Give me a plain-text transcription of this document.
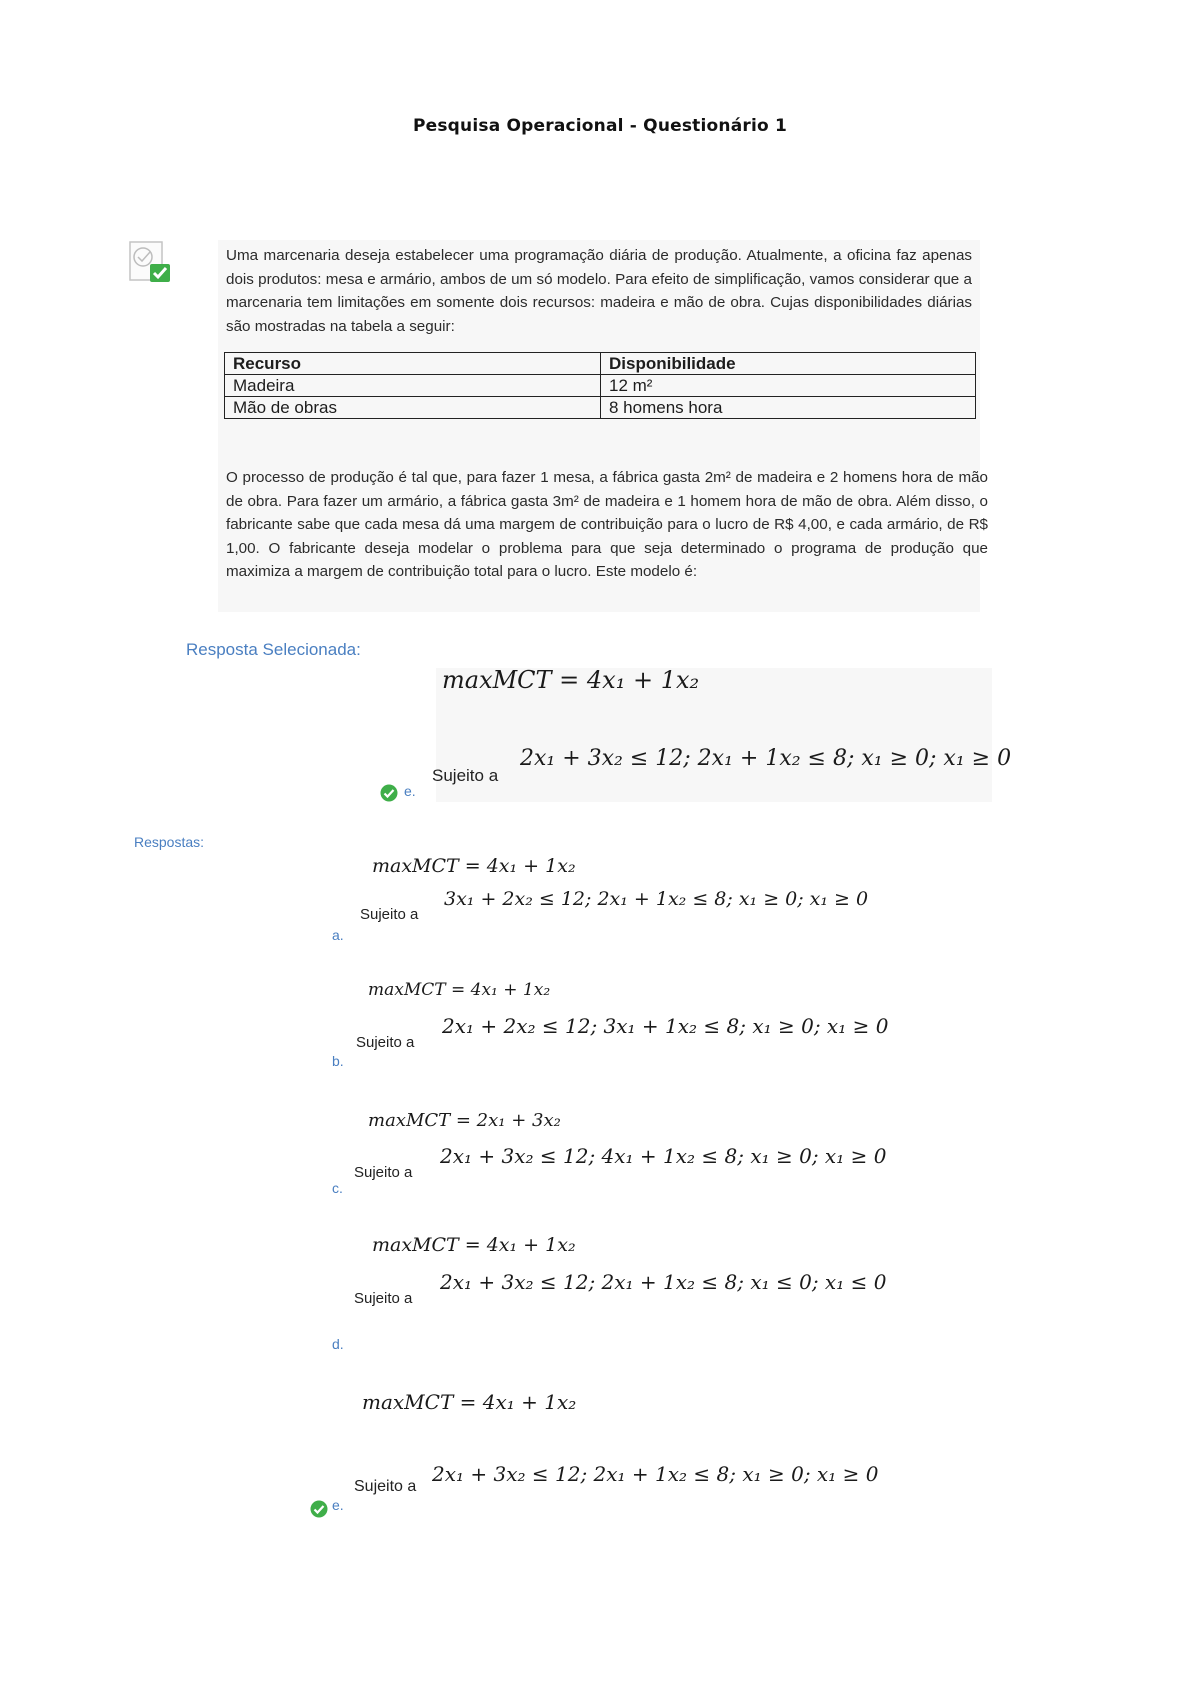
Pesquisa Operacional - Questionário 1

Uma marcenaria deseja estabelecer uma programação diária de produção. Atualmente, a oficina faz apenas dois produtos: mesa e armário, ambos de um só modelo. Para efeito de simplificação, vamos considerar que a marcenaria tem limitações em somente dois recursos: madeira e mão de obra. Cujas disponibilidades diárias são mostradas na tabela a seguir:

Recurso	Disponibilidade
Madeira	12 m²
Mão de obras	8 homens hora

O processo de produção é tal que, para fazer 1 mesa, a fábrica gasta 2m² de madeira e 2 homens hora de mão de obra. Para fazer um armário, a fábrica gasta 3m² de madeira e 1 homem hora de mão de obra. Além disso, o fabricante sabe que cada mesa dá uma margem de contribuição para o lucro de R$ 4,00, e cada armário, de R$ 1,00. O fabricante deseja modelar o problema para que seja determinado o programa de produção que maximiza a margem de contribuição total para o lucro. Este modelo é:

Resposta Selecionada:
maxMCT = 4x₁ + 1x₂
Sujeito a
2x₁ + 3x₂ ≤ 12; 2x₁ + 1x₂ ≤ 8; x₁ ≥ 0; x₁ ≥ 0
e.
Respostas:
maxMCT = 4x₁ + 1x₂
Sujeito a
3x₁ + 2x₂ ≤ 12; 2x₁ + 1x₂ ≤ 8; x₁ ≥ 0; x₁ ≥ 0
a.
maxMCT = 4x₁ + 1x₂
Sujeito a
2x₁ + 2x₂ ≤ 12; 3x₁ + 1x₂ ≤ 8; x₁ ≥ 0; x₁ ≥ 0
b.
maxMCT = 2x₁ + 3x₂
Sujeito a
2x₁ + 3x₂ ≤ 12; 4x₁ + 1x₂ ≤ 8; x₁ ≥ 0; x₁ ≥ 0
c.
maxMCT = 4x₁ + 1x₂
Sujeito a
2x₁ + 3x₂ ≤ 12; 2x₁ + 1x₂ ≤ 8; x₁ ≤ 0; x₁ ≤ 0
d.
maxMCT = 4x₁ + 1x₂
Sujeito a
2x₁ + 3x₂ ≤ 12; 2x₁ + 1x₂ ≤ 8; x₁ ≥ 0; x₁ ≥ 0
e.
